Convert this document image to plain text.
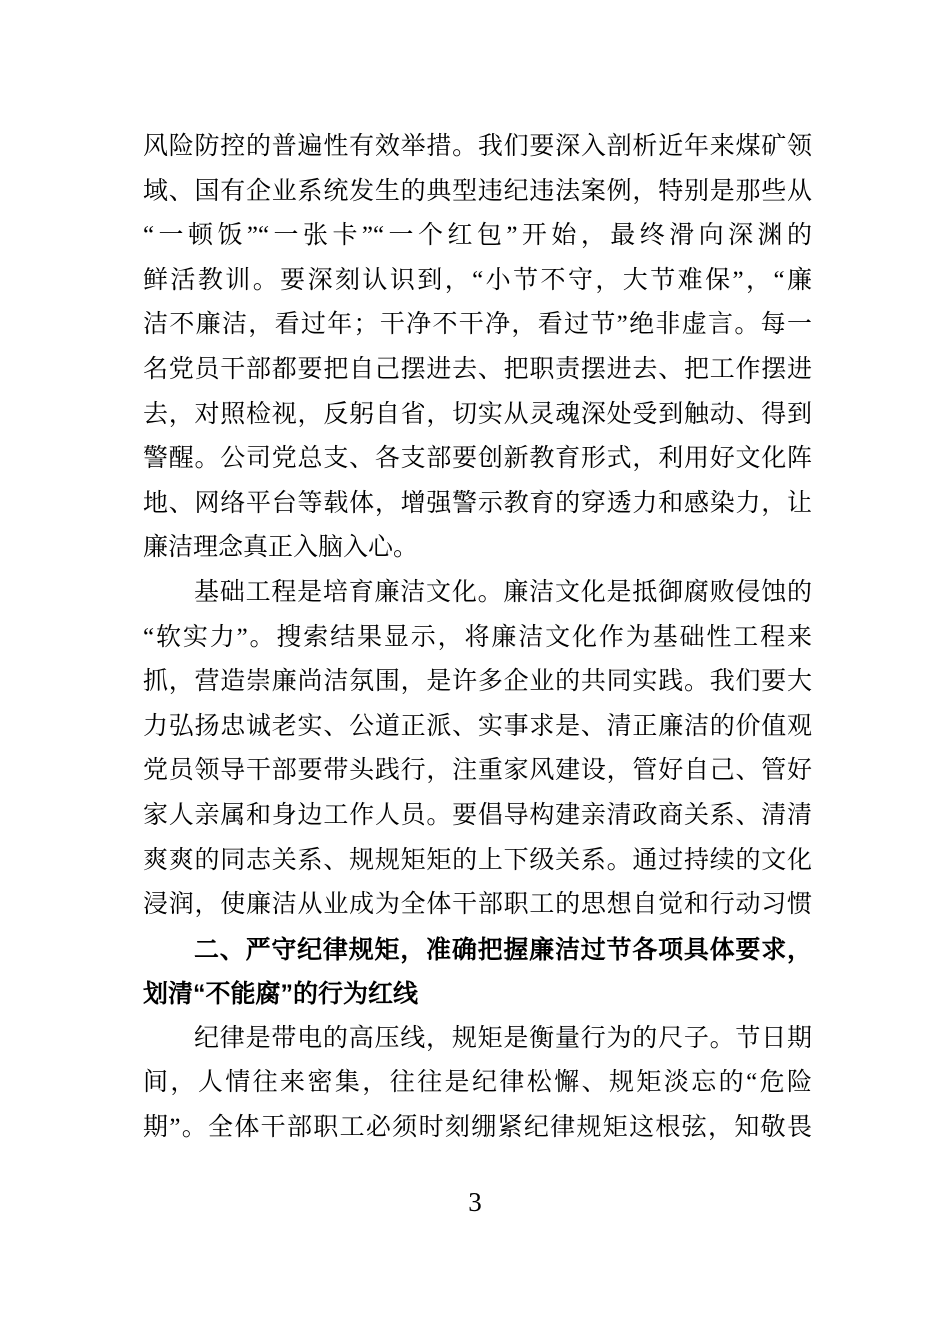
风险防控的普遍性有效举措。我们要深入剖析近年来煤矿领
域、国有企业系统发生的典型违纪违法案例，特别是那些从
“一顿饭”“一张卡”“一个红包”开始，最终滑向深渊的
鲜活教训。要深刻认识到，“小节不守，大节难保”，“廉
洁不廉洁，看过年；干净不干净，看过节”绝非虚言。每一
名党员干部都要把自己摆进去、把职责摆进去、把工作摆进
去，对照检视，反躬自省，切实从灵魂深处受到触动、得到
警醒。公司党总支、各支部要创新教育形式，利用好文化阵
地、网络平台等载体，增强警示教育的穿透力和感染力，让
廉洁理念真正入脑入心。
基础工程是培育廉洁文化。廉洁文化是抵御腐败侵蚀的
“软实力”。搜索结果显示，将廉洁文化作为基础性工程来
抓，营造崇廉尚洁氛围，是许多企业的共同实践。我们要大
力弘扬忠诚老实、公道正派、实事求是、清正廉洁的价值观
党员领导干部要带头践行，注重家风建设，管好自己、管好
家人亲属和身边工作人员。要倡导构建亲清政商关系、清清
爽爽的同志关系、规规矩矩的上下级关系。通过持续的文化
浸润，使廉洁从业成为全体干部职工的思想自觉和行动习惯
二、严守纪律规矩，准确把握廉洁过节各项具体要求，
划清“不能腐”的行为红线
纪律是带电的高压线，规矩是衡量行为的尺子。节日期
间，人情往来密集，往往是纪律松懈、规矩淡忘的“危险
期”。全体干部职工必须时刻绷紧纪律规矩这根弦，知敬畏
3
